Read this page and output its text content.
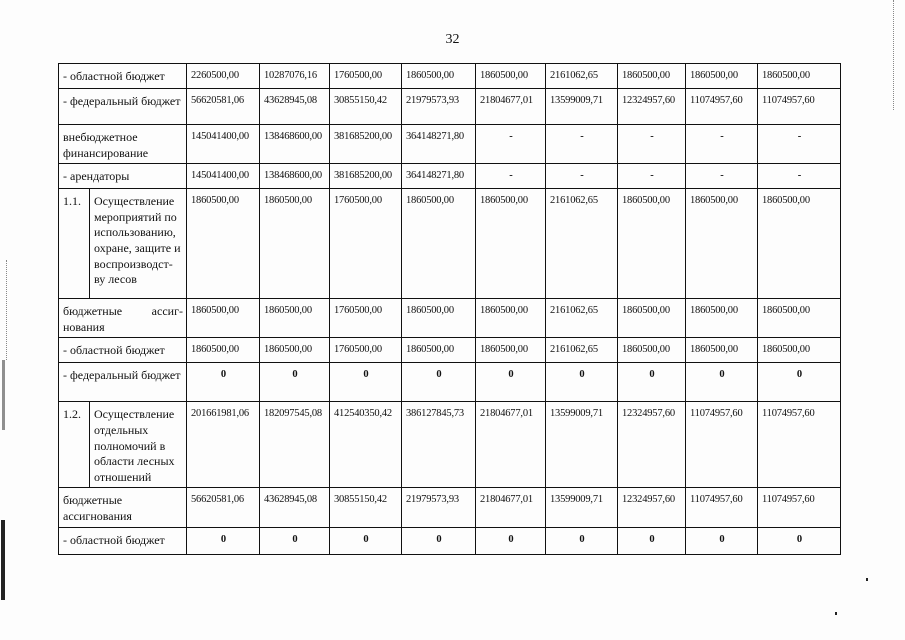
32
- областной бюджет		2260500,00	10287076,16	1760500,00	1860500,00	1860500,00	2161062,65	1860500,00	1860500,00	1860500,00
- федеральный бюджет		56620581,06	43628945,08	30855150,42	21979573,93	21804677,01	13599009,71	12324957,60	11074957,60	11074957,60
внебюджетное финансирование		145041400,00	138468600,00	381685200,00	364148271,80	-	-	-	-	-
- арендаторы		145041400,00	138468600,00	381685200,00	364148271,80	-	-	-	-	-
1.1.	Осуществление мероприятий по использованию, охране, защите и воспроизводст-ву лесов	1860500,00	1860500,00	1760500,00	1860500,00	1860500,00	2161062,65	1860500,00	1860500,00	1860500,00
бюджетные ассиг-нования		1860500,00	1860500,00	1760500,00	1860500,00	1860500,00	2161062,65	1860500,00	1860500,00	1860500,00
- областной бюджет		1860500,00	1860500,00	1760500,00	1860500,00	1860500,00	2161062,65	1860500,00	1860500,00	1860500,00
- федеральный бюджет		0	0	0	0	0	0	0	0	0
1.2.	Осуществление отдельных полномочий в области лесных отношений	201661981,06	182097545,08	412540350,42	386127845,73	21804677,01	13599009,71	12324957,60	11074957,60	11074957,60
бюджетные ассигнования		56620581,06	43628945,08	30855150,42	21979573,93	21804677,01	13599009,71	12324957,60	11074957,60	11074957,60
- областной бюджет		0	0	0	0	0	0	0	0	0
